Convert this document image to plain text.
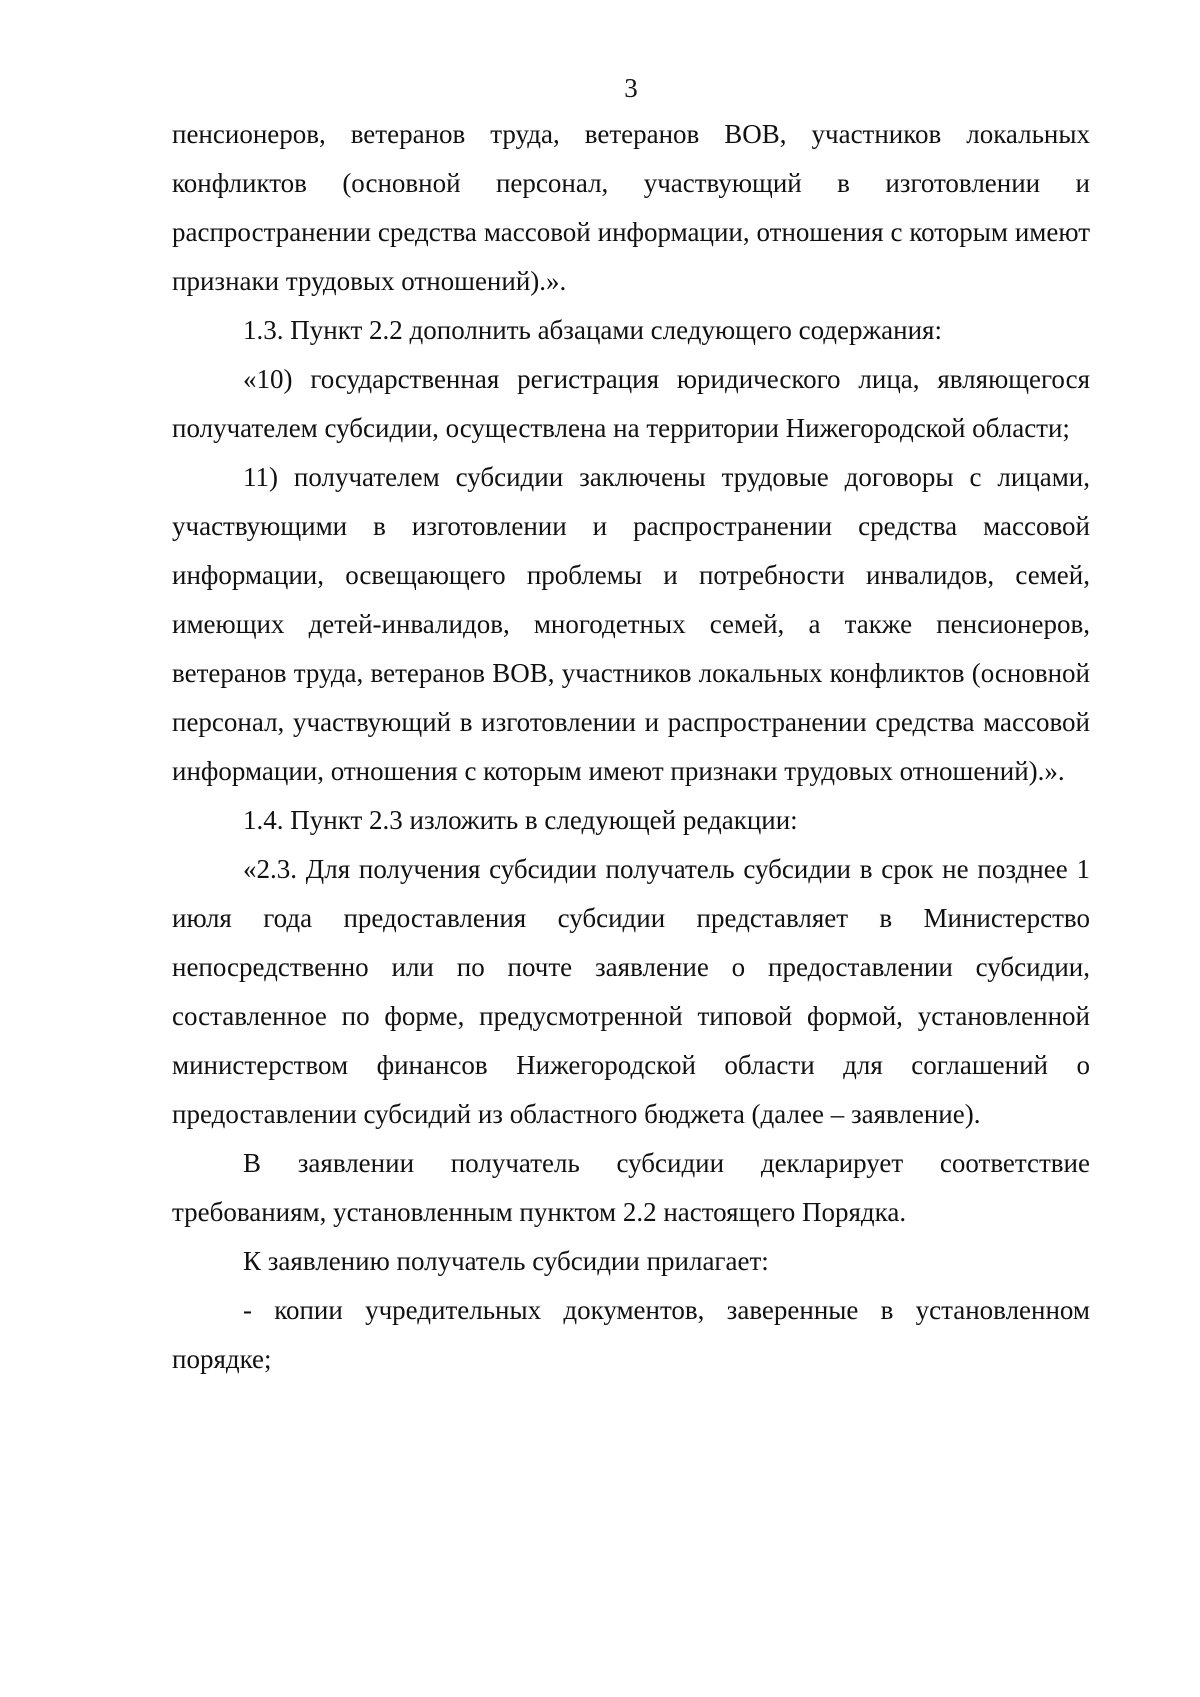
3

пенсионеров, ветеранов труда, ветеранов ВОВ, участников локальных конфликтов (основной персонал, участвующий в изготовлении и распространении средства массовой информации, отношения с которым имеют признаки трудовых отношений).».

1.3. Пункт 2.2 дополнить абзацами следующего содержания:

«10) государственная регистрация юридического лица, являющегося получателем субсидии, осуществлена на территории Нижегородской области;

11) получателем субсидии заключены трудовые договоры с лицами, участвующими в изготовлении и распространении средства массовой информации, освещающего проблемы и потребности инвалидов, семей, имеющих детей-инвалидов, многодетных семей, а также пенсионеров, ветеранов труда, ветеранов ВОВ, участников локальных конфликтов (основной персонал, участвующий в изготовлении и распространении средства массовой информации, отношения с которым имеют признаки трудовых отношений).».

1.4. Пункт 2.3 изложить в следующей редакции:

«2.3. Для получения субсидии получатель субсидии в срок не позднее 1 июля года предоставления субсидии представляет в Министерство непосредственно или по почте заявление о предоставлении субсидии, составленное по форме, предусмотренной типовой формой, установленной министерством финансов Нижегородской области для соглашений о предоставлении субсидий из областного бюджета (далее – заявление).

В заявлении получатель субсидии декларирует соответствие требованиям, установленным пунктом 2.2 настоящего Порядка.

К заявлению получатель субсидии прилагает:

- копии учредительных документов, заверенные в установленном порядке;
